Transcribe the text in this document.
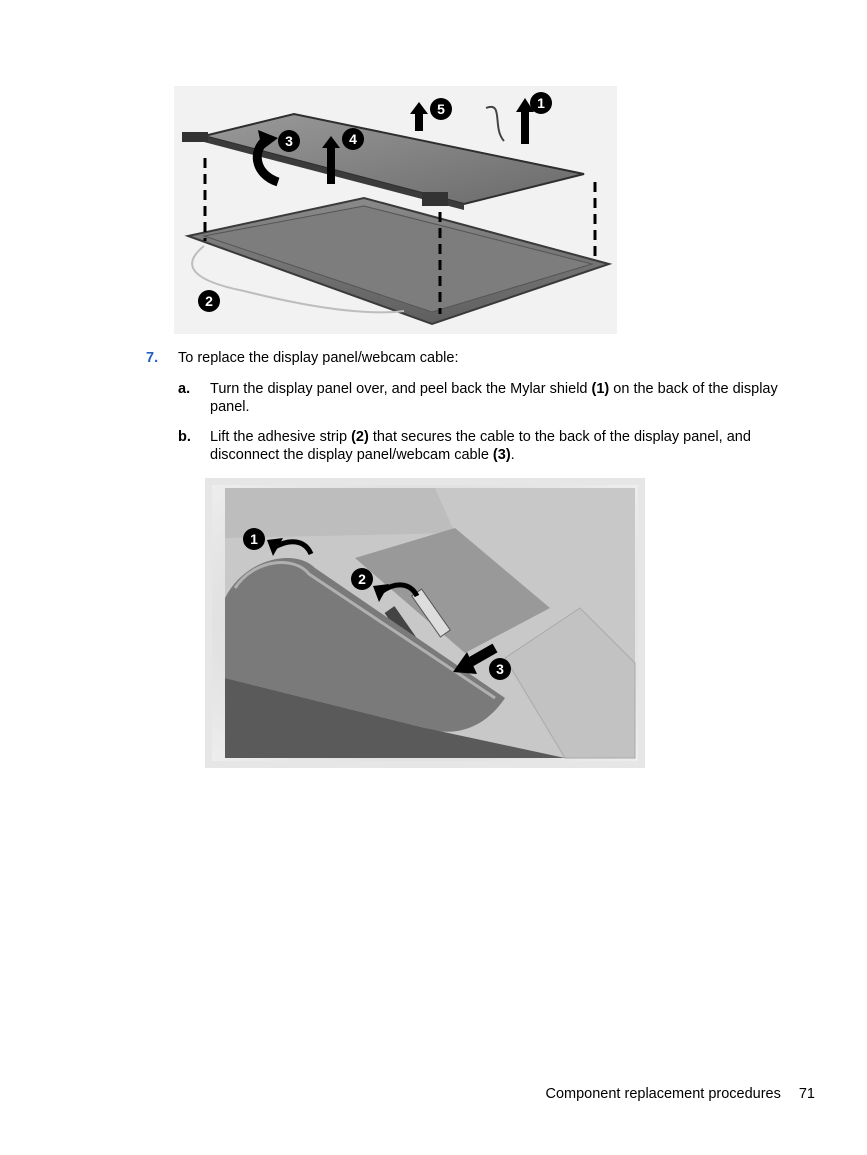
5	1
3	4
2
7. To replace the display panel/webcam cable:
a. Turn the display panel over, and peel back the Mylar shield (1) on the back of the display panel.
b. Lift the adhesive strip (2) that secures the cable to the back of the display panel, and disconnect the display panel/webcam cable (3).
1
2
3
Component replacement procedures 71
